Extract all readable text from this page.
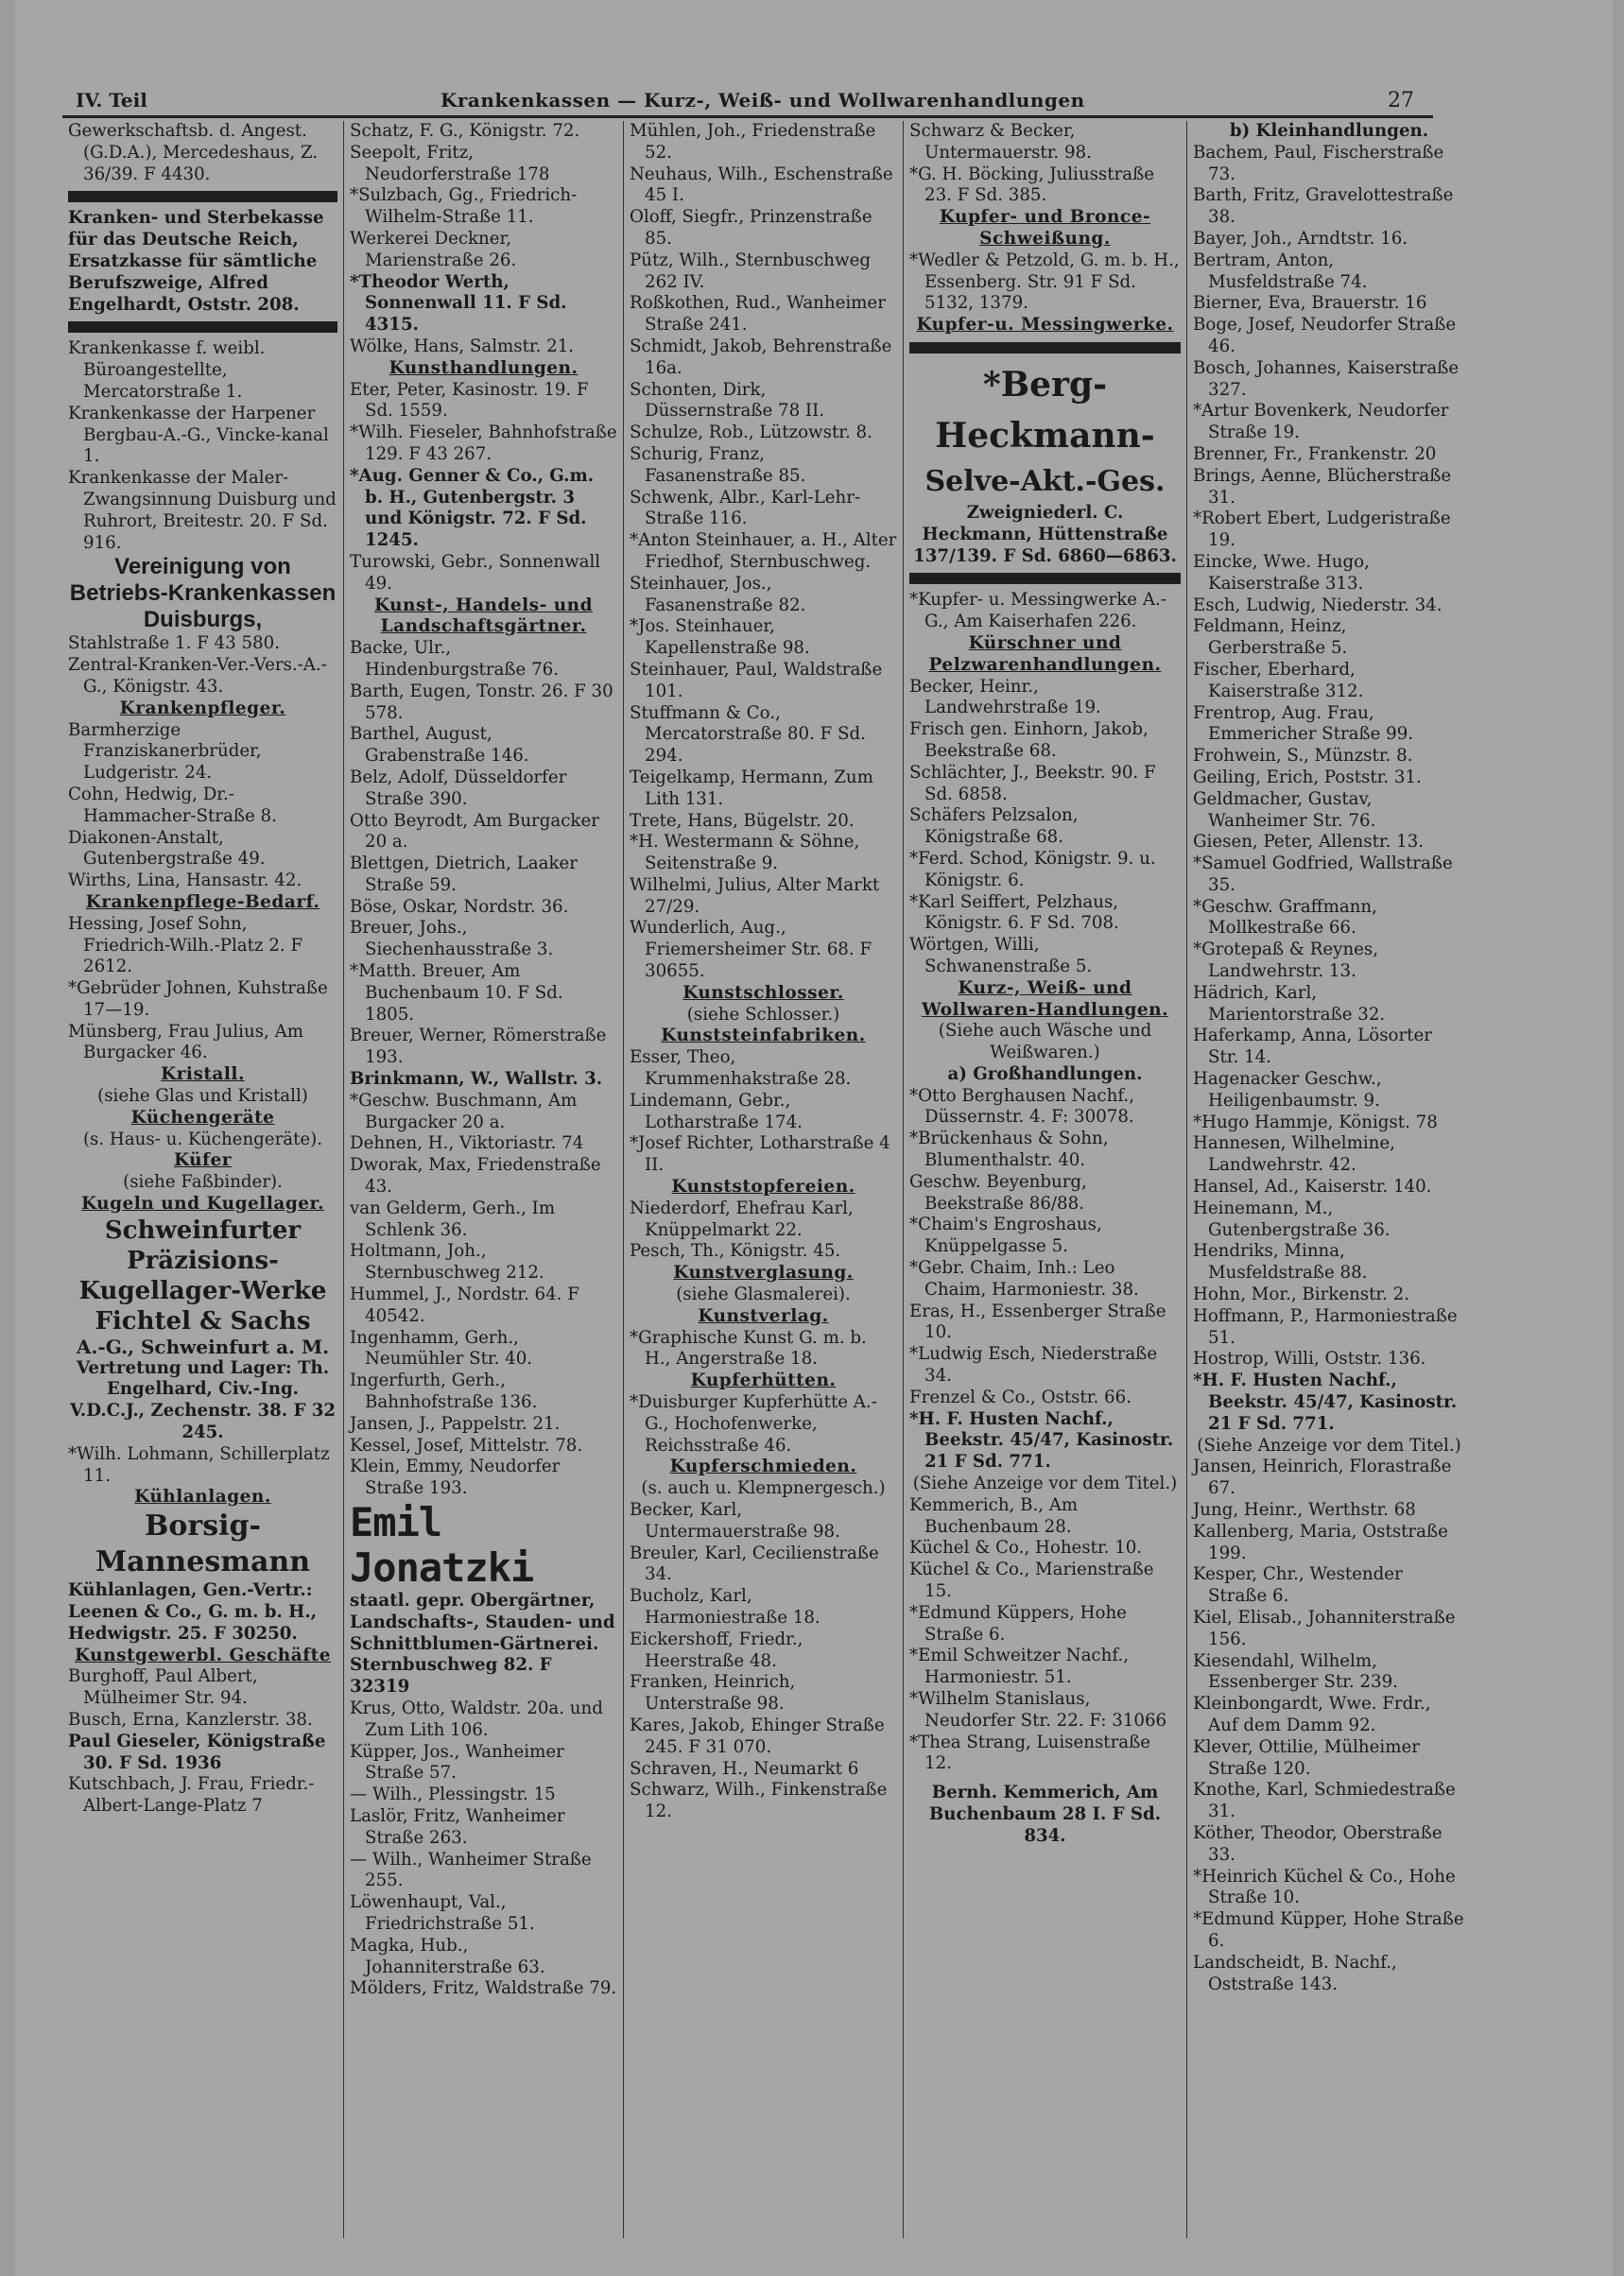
IV. Teil	Krankenkassen — Kurz-, Weiß- und Wollwarenhandlungen	27

Gewerkschaftsb. d. Angest. (G.D.A.), Mercedeshaus, Z. 36/39. F 4430.

Kranken- und Sterbekasse für das Deutsche Reich, Ersatzkasse für sämtliche Berufszweige, Alfred Engelhardt, Oststr. 208.

Krankenkasse f. weibl. Büroangestellte, Mercatorstraße 1.

Krankenkasse der Harpener Bergbau-A.-G., Vincke-kanal 1.

Krankenkasse der Maler-Zwangsinnung Duisburg und Ruhrort, Breitestr. 20. F Sd. 916.

Vereinigung von Betriebs-Krankenkassen Duisburgs,

Stahlstraße 1. F 43 580.

Zentral-Kranken-Ver.-Vers.-A.-G., Königstr. 43.

Krankenpfleger.

Barmherzige Franziskanerbrüder, Ludgeristr. 24.

Cohn, Hedwig, Dr.-Hammacher-Straße 8.

Diakonen-Anstalt, Gutenbergstraße 49.

Wirths, Lina, Hansastr. 42.

Krankenpflege-Bedarf.

Hessing, Josef Sohn, Friedrich-Wilh.-Platz 2. F 2612.

*Gebrüder Johnen, Kuhstraße 17—19.

Münsberg, Frau Julius, Am Burgacker 46.

Kristall.

(siehe Glas und Kristall)

Küchengeräte

(s. Haus- u. Küchengeräte).

Küfer

(siehe Faßbinder).

Kugeln und Kugellager.

Schweinfurter Präzisions-Kugellager-Werke Fichtel & Sachs

A.-G., Schweinfurt a. M.

Vertretung und Lager: Th. Engelhard, Civ.-Ing. V.D.C.J., Zechenstr. 38. F 32 245.

*Wilh. Lohmann, Schillerplatz 11.

Kühlanlagen.

Borsig-Mannesmann

Kühlanlagen, Gen.-Vertr.: Leenen & Co., G. m. b. H., Hedwigstr. 25. F 30250.

Kunstgewerbl. Geschäfte

Burghoff, Paul Albert, Mülheimer Str. 94.

Busch, Erna, Kanzlerstr. 38.

Paul Gieseler, Königstraße 30. F Sd. 1936

Kutschbach, J. Frau, Friedr.-Albert-Lange-Platz 7

Schatz, F. G., Königstr. 72.

Seepolt, Fritz, Neudorferstraße 178

*Sulzbach, Gg., Friedrich-Wilhelm-Straße 11.

Werkerei Deckner, Marienstraße 26.

*Theodor Werth, Sonnenwall 11. F Sd. 4315.

Wölke, Hans, Salmstr. 21.

Kunsthandlungen.

Eter, Peter, Kasinostr. 19. F Sd. 1559.

*Wilh. Fieseler, Bahnhofstraße 129. F 43 267.

*Aug. Genner & Co., G.m. b. H., Gutenbergstr. 3 und Königstr. 72. F Sd. 1245.

Turowski, Gebr., Sonnenwall 49.

Kunst-, Handels- und Landschaftsgärtner.

Backe, Ulr., Hindenburgstraße 76.

Barth, Eugen, Tonstr. 26. F 30 578.

Barthel, August, Grabenstraße 146.

Belz, Adolf, Düsseldorfer Straße 390.

Otto Beyrodt, Am Burgacker 20 a.

Blettgen, Dietrich, Laaker Straße 59.

Böse, Oskar, Nordstr. 36.

Breuer, Johs., Siechenhausstraße 3.

*Matth. Breuer, Am Buchenbaum 10. F Sd. 1805.

Breuer, Werner, Römerstraße 193.

Brinkmann, W., Wallstr. 3.

*Geschw. Buschmann, Am Burgacker 20 a.

Dehnen, H., Viktoriastr. 74

Dworak, Max, Friedenstraße 43.

van Gelderm, Gerh., Im Schlenk 36.

Holtmann, Joh., Sternbuschweg 212.

Hummel, J., Nordstr. 64. F 40542.

Ingenhamm, Gerh., Neumühler Str. 40.

Ingerfurth, Gerh., Bahnhofstraße 136.

Jansen, J., Pappelstr. 21.

Kessel, Josef, Mittelstr. 78.

Klein, Emmy, Neudorfer Straße 193.

Emil Jonatzki

staatl. gepr. Obergärtner, Landschafts-, Stauden- und Schnittblumen-Gärtnerei.

Sternbuschweg 82. F 32319

Krus, Otto, Waldstr. 20a. und Zum Lith 106.

Küpper, Jos., Wanheimer Straße 57.

— Wilh., Plessingstr. 15

Laslör, Fritz, Wanheimer Straße 263.

— Wilh., Wanheimer Straße 255.

Löwenhaupt, Val., Friedrichstraße 51.

Magka, Hub., Johanniterstraße 63.

Mölders, Fritz, Waldstraße 79.

Mühlen, Joh., Friedenstraße 52.

Neuhaus, Wilh., Eschenstraße 45 I.

Oloff, Siegfr., Prinzenstraße 85.

Pütz, Wilh., Sternbuschweg 262 IV.

Roßkothen, Rud., Wanheimer Straße 241.

Schmidt, Jakob, Behrenstraße 16a.

Schonten, Dirk, Düssernstraße 78 II.

Schulze, Rob., Lützowstr. 8.

Schurig, Franz, Fasanenstraße 85.

Schwenk, Albr., Karl-Lehr-Straße 116.

*Anton Steinhauer, a. H., Alter Friedhof, Sternbuschweg.

Steinhauer, Jos., Fasanenstraße 82.

*Jos. Steinhauer, Kapellenstraße 98.

Steinhauer, Paul, Waldstraße 101.

Stuffmann & Co., Mercatorstraße 80. F Sd. 294.

Teigelkamp, Hermann, Zum Lith 131.

Trete, Hans, Bügelstr. 20.

*H. Westermann & Söhne, Seitenstraße 9.

Wilhelmi, Julius, Alter Markt 27/29.

Wunderlich, Aug., Friemersheimer Str. 68. F 30655.

Kunstschlosser.

(siehe Schlosser.)

Kunststeinfabriken.

Esser, Theo, Krummenhakstraße 28.

Lindemann, Gebr., Lotharstraße 174.

*Josef Richter, Lotharstraße 4 II.

Kunststopfereien.

Niederdorf, Ehefrau Karl, Knüppelmarkt 22.

Pesch, Th., Königstr. 45.

Kunstverglasung.

(siehe Glasmalerei).

Kunstverlag.

*Graphische Kunst G. m. b. H., Angerstraße 18.

Kupferhütten.

*Duisburger Kupferhütte A.-G., Hochofenwerke, Reichsstraße 46.

Kupferschmieden.

(s. auch u. Klempnergesch.)

Becker, Karl, Untermauerstraße 98.

Breuler, Karl, Cecilienstraße 34.

Bucholz, Karl, Harmoniestraße 18.

Eickershoff, Friedr., Heerstraße 48.

Franken, Heinrich, Unterstraße 98.

Kares, Jakob, Ehinger Straße 245. F 31 070.

Schraven, H., Neumarkt 6

Schwarz, Wilh., Finkenstraße 12.

Schwarz & Becker, Untermauerstr. 98.

*G. H. Böcking, Juliusstraße 23. F Sd. 385.

Kupfer- und Bronce-Schweißung.

*Wedler & Petzold, G. m. b. H., Essenberg. Str. 91 F Sd. 5132, 1379.

Kupfer-u. Messingwerke.

*Berg-Heckmann-

Selve-Akt.-Ges.

Zweigniederl. C. Heckmann, Hüttenstraße 137/139. F Sd. 6860—6863.

*Kupfer- u. Messingwerke A.-G., Am Kaiserhafen 226.

Kürschner und Pelzwarenhandlungen.

Becker, Heinr., Landwehrstraße 19.

Frisch gen. Einhorn, Jakob, Beekstraße 68.

Schlächter, J., Beekstr. 90. F Sd. 6858.

Schäfers Pelzsalon, Königstraße 68.

*Ferd. Schod, Königstr. 9. u. Königstr. 6.

*Karl Seiffert, Pelzhaus, Königstr. 6. F Sd. 708.

Wörtgen, Willi, Schwanenstraße 5.

Kurz-, Weiß- und Wollwaren-Handlungen.

(Siehe auch Wäsche und Weißwaren.)

a) Großhandlungen.

*Otto Berghausen Nachf., Düssernstr. 4. F: 30078.

*Brückenhaus & Sohn, Blumenthalstr. 40.

Geschw. Beyenburg, Beekstraße 86/88.

*Chaim's Engroshaus, Knüppelgasse 5.

*Gebr. Chaim, Inh.: Leo Chaim, Harmoniestr. 38.

Eras, H., Essenberger Straße 10.

*Ludwig Esch, Niederstraße 34.

Frenzel & Co., Oststr. 66.

*H. F. Husten Nachf., Beekstr. 45/47, Kasinostr. 21 F Sd. 771.

(Siehe Anzeige vor dem Titel.)

Kemmerich, B., Am Buchenbaum 28.

Küchel & Co., Hohestr. 10.

Küchel & Co., Marienstraße 15.

*Edmund Küppers, Hohe Straße 6.

*Emil Schweitzer Nachf., Harmoniestr. 51.

*Wilhelm Stanislaus, Neudorfer Str. 22. F: 31066

*Thea Strang, Luisenstraße 12.

Bernh. Kemmerich, Am Buchenbaum 28 I. F Sd. 834.

b) Kleinhandlungen.

Bachem, Paul, Fischerstraße 73.

Barth, Fritz, Gravelottestraße 38.

Bayer, Joh., Arndtstr. 16.

Bertram, Anton, Musfeldstraße 74.

Bierner, Eva, Brauerstr. 16

Boge, Josef, Neudorfer Straße 46.

Bosch, Johannes, Kaiserstraße 327.

*Artur Bovenkerk, Neudorfer Straße 19.

Brenner, Fr., Frankenstr. 20

Brings, Aenne, Blücherstraße 31.

*Robert Ebert, Ludgeristraße 19.

Eincke, Wwe. Hugo, Kaiserstraße 313.

Esch, Ludwig, Niederstr. 34.

Feldmann, Heinz, Gerberstraße 5.

Fischer, Eberhard, Kaiserstraße 312.

Frentrop, Aug. Frau, Emmericher Straße 99.

Frohwein, S., Münzstr. 8.

Geiling, Erich, Poststr. 31.

Geldmacher, Gustav, Wanheimer Str. 76.

Giesen, Peter, Allenstr. 13.

*Samuel Godfried, Wallstraße 35.

*Geschw. Graffmann, Mollkestraße 66.

*Grotepaß & Reynes, Landwehrstr. 13.

Hädrich, Karl, Marientorstraße 32.

Haferkamp, Anna, Lösorter Str. 14.

Hagenacker Geschw., Heiligenbaumstr. 9.

*Hugo Hammje, Königst. 78

Hannesen, Wilhelmine, Landwehrstr. 42.

Hansel, Ad., Kaiserstr. 140.

Heinemann, M., Gutenbergstraße 36.

Hendriks, Minna, Musfeldstraße 88.

Hohn, Mor., Birkenstr. 2.

Hoffmann, P., Harmoniestraße 51.

Hostrop, Willi, Oststr. 136.

*H. F. Husten Nachf., Beekstr. 45/47, Kasinostr. 21 F Sd. 771.

(Siehe Anzeige vor dem Titel.)

Jansen, Heinrich, Florastraße 67.

Jung, Heinr., Werthstr. 68

Kallenberg, Maria, Oststraße 199.

Kesper, Chr., Westender Straße 6.

Kiel, Elisab., Johanniterstraße 156.

Kiesendahl, Wilhelm, Essenberger Str. 239.

Kleinbongardt, Wwe. Frdr., Auf dem Damm 92.

Klever, Ottilie, Mülheimer Straße 120.

Knothe, Karl, Schmiedestraße 31.

Köther, Theodor, Oberstraße 33.

*Heinrich Küchel & Co., Hohe Straße 10.

*Edmund Küpper, Hohe Straße 6.

Landscheidt, B. Nachf., Oststraße 143.
